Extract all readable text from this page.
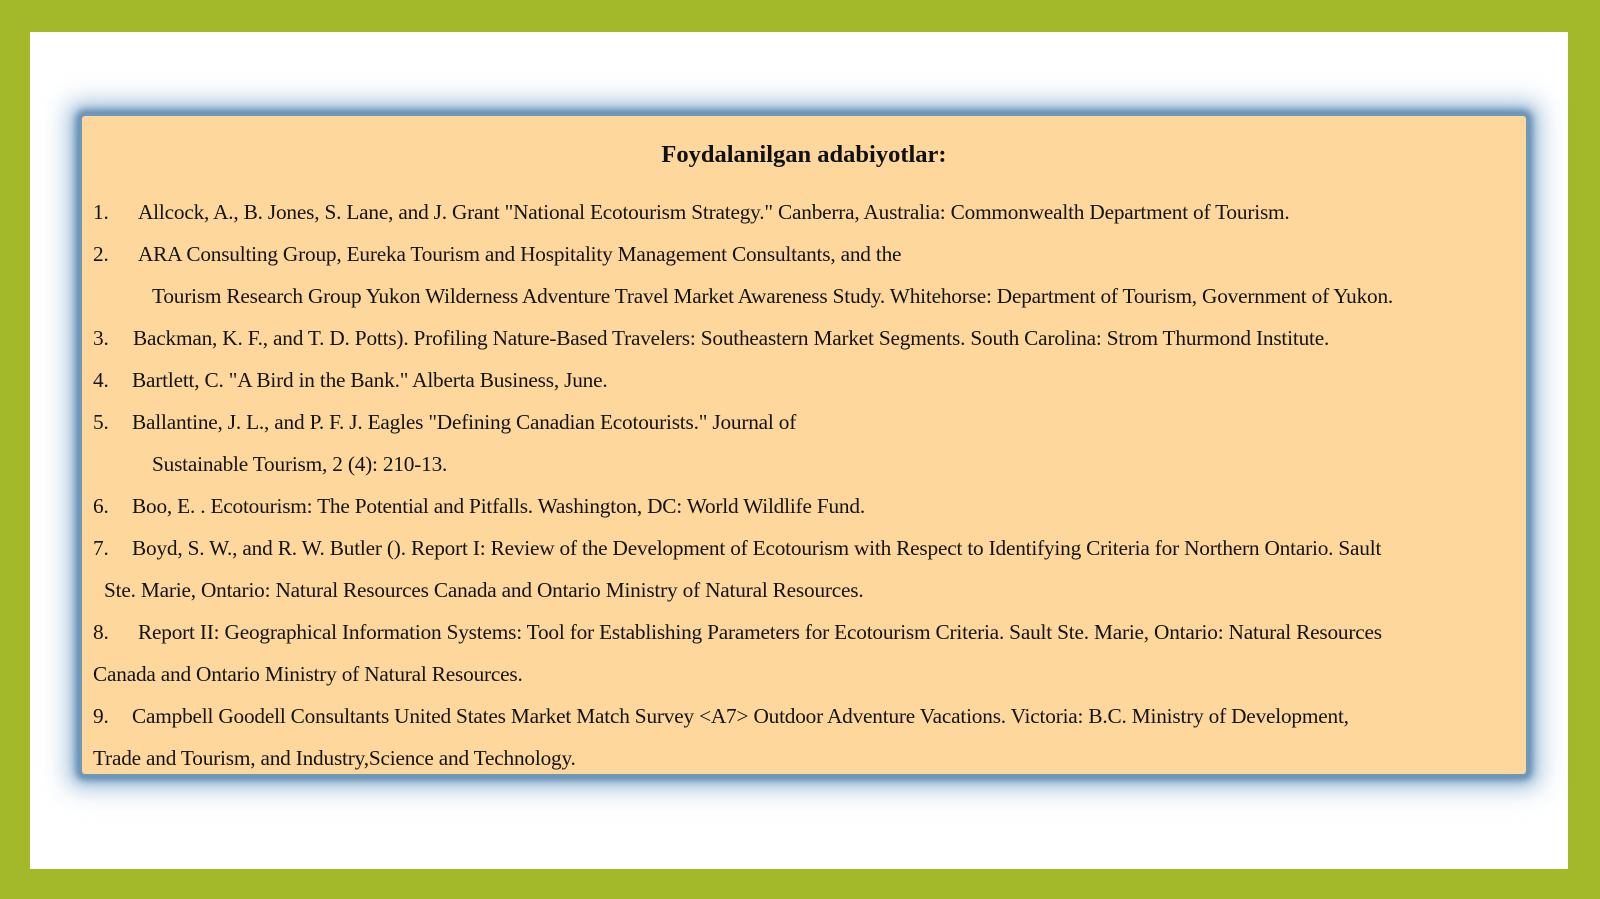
Foydalanilgan adabiyotlar:
1. Allcock, A., B. Jones, S. Lane, and J. Grant "National Ecotourism Strategy." Canberra, Australia: Commonwealth Department of Tourism.
2. ARA Consulting Group, Eureka Tourism and Hospitality Management Consultants, and the
Tourism Research Group Yukon Wilderness Adventure Travel Market Awareness Study. Whitehorse: Department of Tourism, Government of Yukon.
3. Backman, K. F., and T. D. Potts). Profiling Nature-Based Travelers: Southeastern Market Segments. South Carolina: Strom Thurmond Institute.
4. Bartlett, C. "A Bird in the Bank." Alberta Business, June.
5. Ballantine, J. L., and P. F. J. Eagles "Defining Canadian Ecotourists." Journal of
Sustainable Tourism, 2 (4): 210-13.
6. Boo, E. . Ecotourism: The Potential and Pitfalls. Washington, DC: World Wildlife Fund.
7. Boyd, S. W., and R. W. Butler (). Report I: Review of the Development of Ecotourism with Respect to Identifying Criteria for Northern Ontario. Sault
Ste. Marie, Ontario: Natural Resources Canada and Ontario Ministry of Natural Resources.
8. Report II: Geographical Information Systems: Tool for Establishing Parameters for Ecotourism Criteria. Sault Ste. Marie, Ontario: Natural Resources
Canada and Ontario Ministry of Natural Resources.
9. Campbell Goodell Consultants United States Market Match Survey <A7> Outdoor Adventure Vacations. Victoria: B.C. Ministry of Development,
Trade and Tourism, and Industry,Science and Technology.
